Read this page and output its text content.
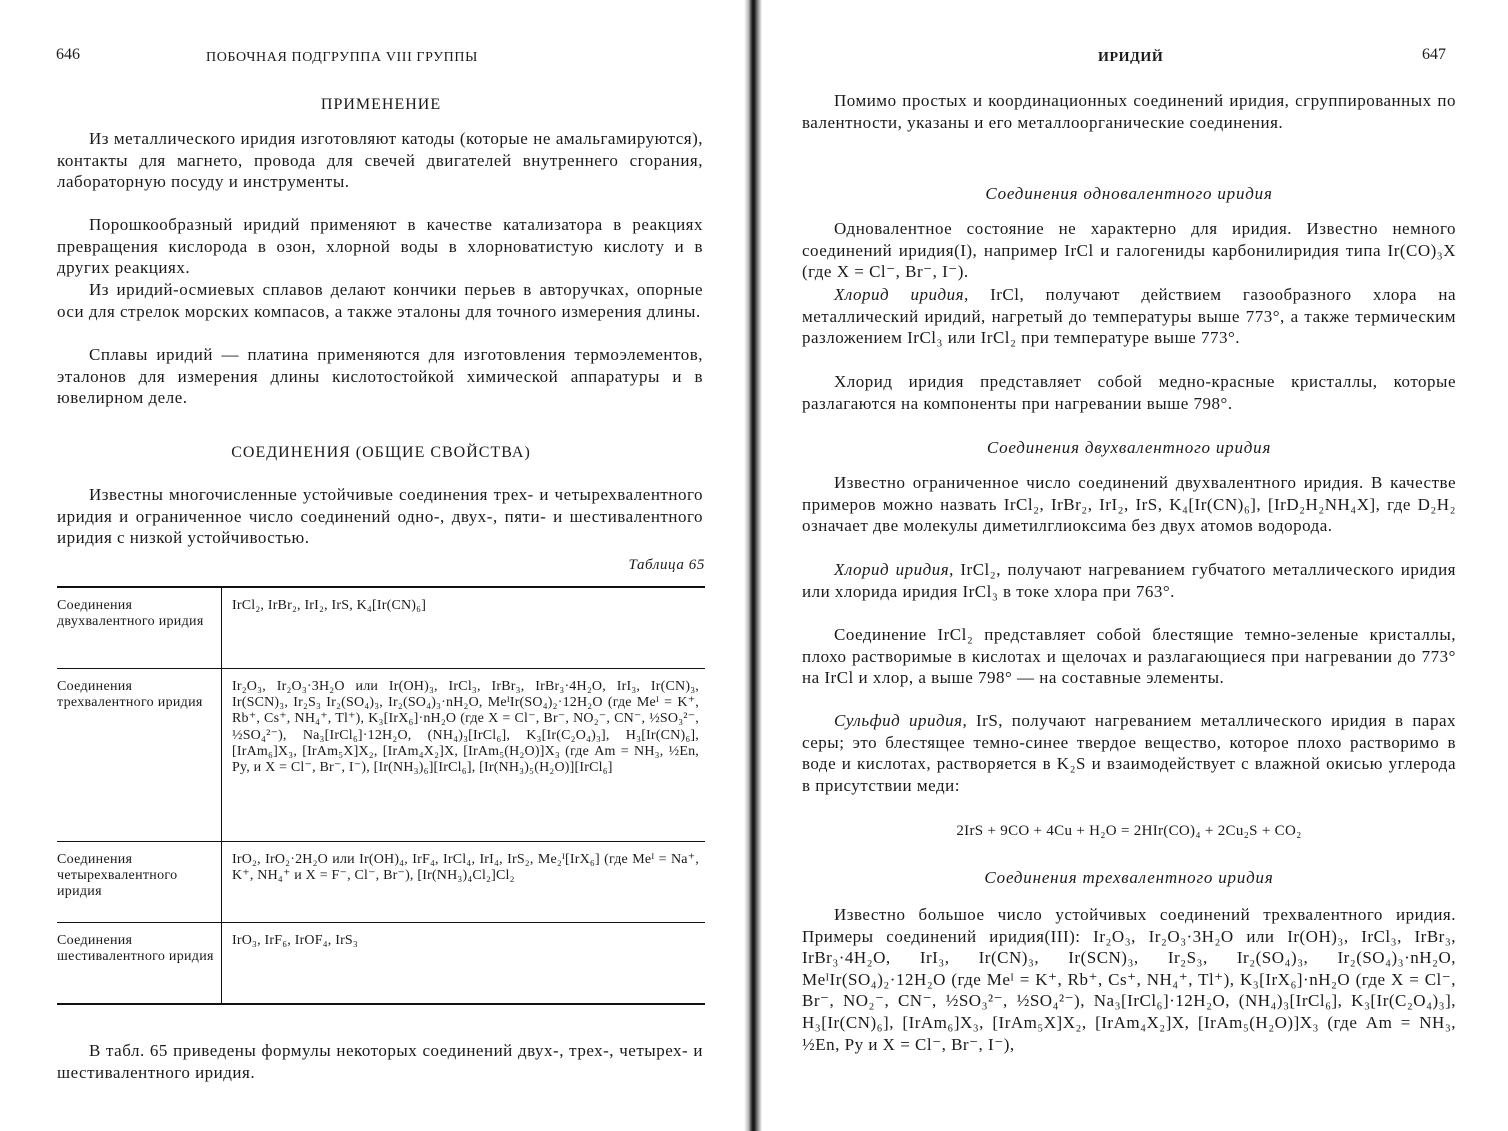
646	ПОБОЧНАЯ ПОДГРУППА VIII ГРУППЫ
ПРИМЕНЕНИЕ

Из металлического иридия изготовляют катоды (которые не амальгамируются), контакты для магнето, провода для свечей двигателей внутреннего сгорания, лабораторную посуду и инструменты.

Порошкообразный иридий применяют в качестве катализатора в реакциях превращения кислорода в озон, хлорной воды в хлорноватистую кислоту и в других реакциях.

Из иридий-осмиевых сплавов делают кончики перьев в авторучках, опорные оси для стрелок морских компасов, а также эталоны для точного измерения длины.

Сплавы иридий — платина применяются для изготовления термоэлементов, эталонов для измерения длины кислотостойкой химической аппаратуры и в ювелирном деле.

СОЕДИНЕНИЯ (ОБЩИЕ СВОЙСТВА)

Известны многочисленные устойчивые соединения трех- и четырехвалентного иридия и ограниченное число соединений одно-, двух-, пяти- и шестивалентного иридия с низкой устойчивостью.

Таблица 65
Соединения двухвалентного иридия	IrCl₂, IrBr₂, IrI₂, IrS, K₄[Ir(CN)₆]
Соединения трехвалентного иридия	Ir₂O₃, Ir₂O₃·3H₂O или Ir(OH)₃, IrCl₃, IrBr₃, IrBr₃·4H₂O, IrI₃, Ir(CN)₃, Ir(SCN)₃, Ir₂S₃ Ir₂(SO₄)₃, Ir₂(SO₄)₃·nH₂O, MeᴵIr(SO₄)₂·12H₂O (где Meᴵ = K⁺, Rb⁺, Cs⁺, NH₄⁺, Tl⁺), K₃[IrX₆]·nH₂O (где X = Cl⁻, Br⁻, NO₂⁻, CN⁻, ½SO₃²⁻, ½SO₄²⁻), Na₃[IrCl₆]·12H₂O, (NH₄)₃[IrCl₆], K₃[Ir(C₂O₄)₃], H₃[Ir(CN)₆], [IrAm₆]X₃, [IrAm₅X]X₂, [IrAm₄X₂]X, [IrAm₅(H₂O)]X₃ (где Am = NH₃, ½En, Py, и X = Cl⁻, Br⁻, I⁻), [Ir(NH₃)₆][IrCl₆], [Ir(NH₃)₅(H₂O)][IrCl₆]
Соединения четырехвалентного иридия	IrO₂, IrO₂·2H₂O или Ir(OH)₄, IrF₄, IrCl₄, IrI₄, IrS₂, Me₂ᴵ[IrX₆] (где Meᴵ = Na⁺, K⁺, NH₄⁺ и X = F⁻, Cl⁻, Br⁻), [Ir(NH₃)₄Cl₂]Cl₂
Соединения шестивалентного иридия	IrO₃, IrF₆, IrOF₄, IrS₃

В табл. 65 приведены формулы некоторых соединений двух-, трех-, четырех- и шестивалентного иридия.

ИРИДИЙ	647

Помимо простых и координационных соединений иридия, сгруппированных по валентности, указаны и его металлоорганические соединения.

Соединения одновалентного иридия

Одновалентное состояние не характерно для иридия. Известно немного соединений иридия(I), например IrCl и галогениды карбонилиридия типа Ir(CO)₃X (где X = Cl⁻, Br⁻, I⁻).

Хлорид иридия, IrCl, получают действием газообразного хлора на металлический иридий, нагретый до температуры выше 773°, а также термическим разложением IrCl₃ или IrCl₂ при температуре выше 773°.

Хлорид иридия представляет собой медно-красные кристаллы, которые разлагаются на компоненты при нагревании выше 798°.

Соединения двухвалентного иридия

Известно ограниченное число соединений двухвалентного иридия. В качестве примеров можно назвать IrCl₂, IrBr₂, IrI₂, IrS, K₄[Ir(CN)₆], [IrD₂H₂NH₄X], где D₂H₂ означает две молекулы диметилглиоксима без двух атомов водорода.

Хлорид иридия, IrCl₂, получают нагреванием губчатого металлического иридия или хлорида иридия IrCl₃ в токе хлора при 763°.

Соединение IrCl₂ представляет собой блестящие темно-зеленые кристаллы, плохо растворимые в кислотах и щелочах и разлагающиеся при нагревании до 773° на IrCl и хлор, а выше 798° — на составные элементы.

Сульфид иридия, IrS, получают нагреванием металлического иридия в парах серы; это блестящее темно-синее твердое вещество, которое плохо растворимо в воде и кислотах, растворяется в K₂S и взаимодействует с влажной окисью углерода в присутствии меди:

2IrS + 9CO + 4Cu + H₂O = 2HIr(CO)₄ + 2Cu₂S + CO₂
Соединения трехвалентного иридия

Известно большое число устойчивых соединений трехвалентного иридия. Примеры соединений иридия(III): Ir₂O₃, Ir₂O₃·3H₂O или Ir(OH)₃, IrCl₃, IrBr₃, IrBr₃·4H₂O, IrI₃, Ir(CN)₃, Ir(SCN)₃, Ir₂S₃, Ir₂(SO₄)₃, Ir₂(SO₄)₃·nH₂O, MeᴵIr(SO₄)₂·12H₂O (где Meᴵ = K⁺, Rb⁺, Cs⁺, NH₄⁺, Tl⁺), K₃[IrX₆]·nH₂O (где X = Cl⁻, Br⁻, NO₂⁻, CN⁻, ½SO₃²⁻, ½SO₄²⁻), Na₃[IrCl₆]·12H₂O, (NH₄)₃[IrCl₆], K₃[Ir(C₂O₄)₃], H₃[Ir(CN)₆], [IrAm₆]X₃, [IrAm₅X]X₂, [IrAm₄X₂]X, [IrAm₅(H₂O)]X₃ (где Am = NH₃, ½En, Py и X = Cl⁻, Br⁻, I⁻),
